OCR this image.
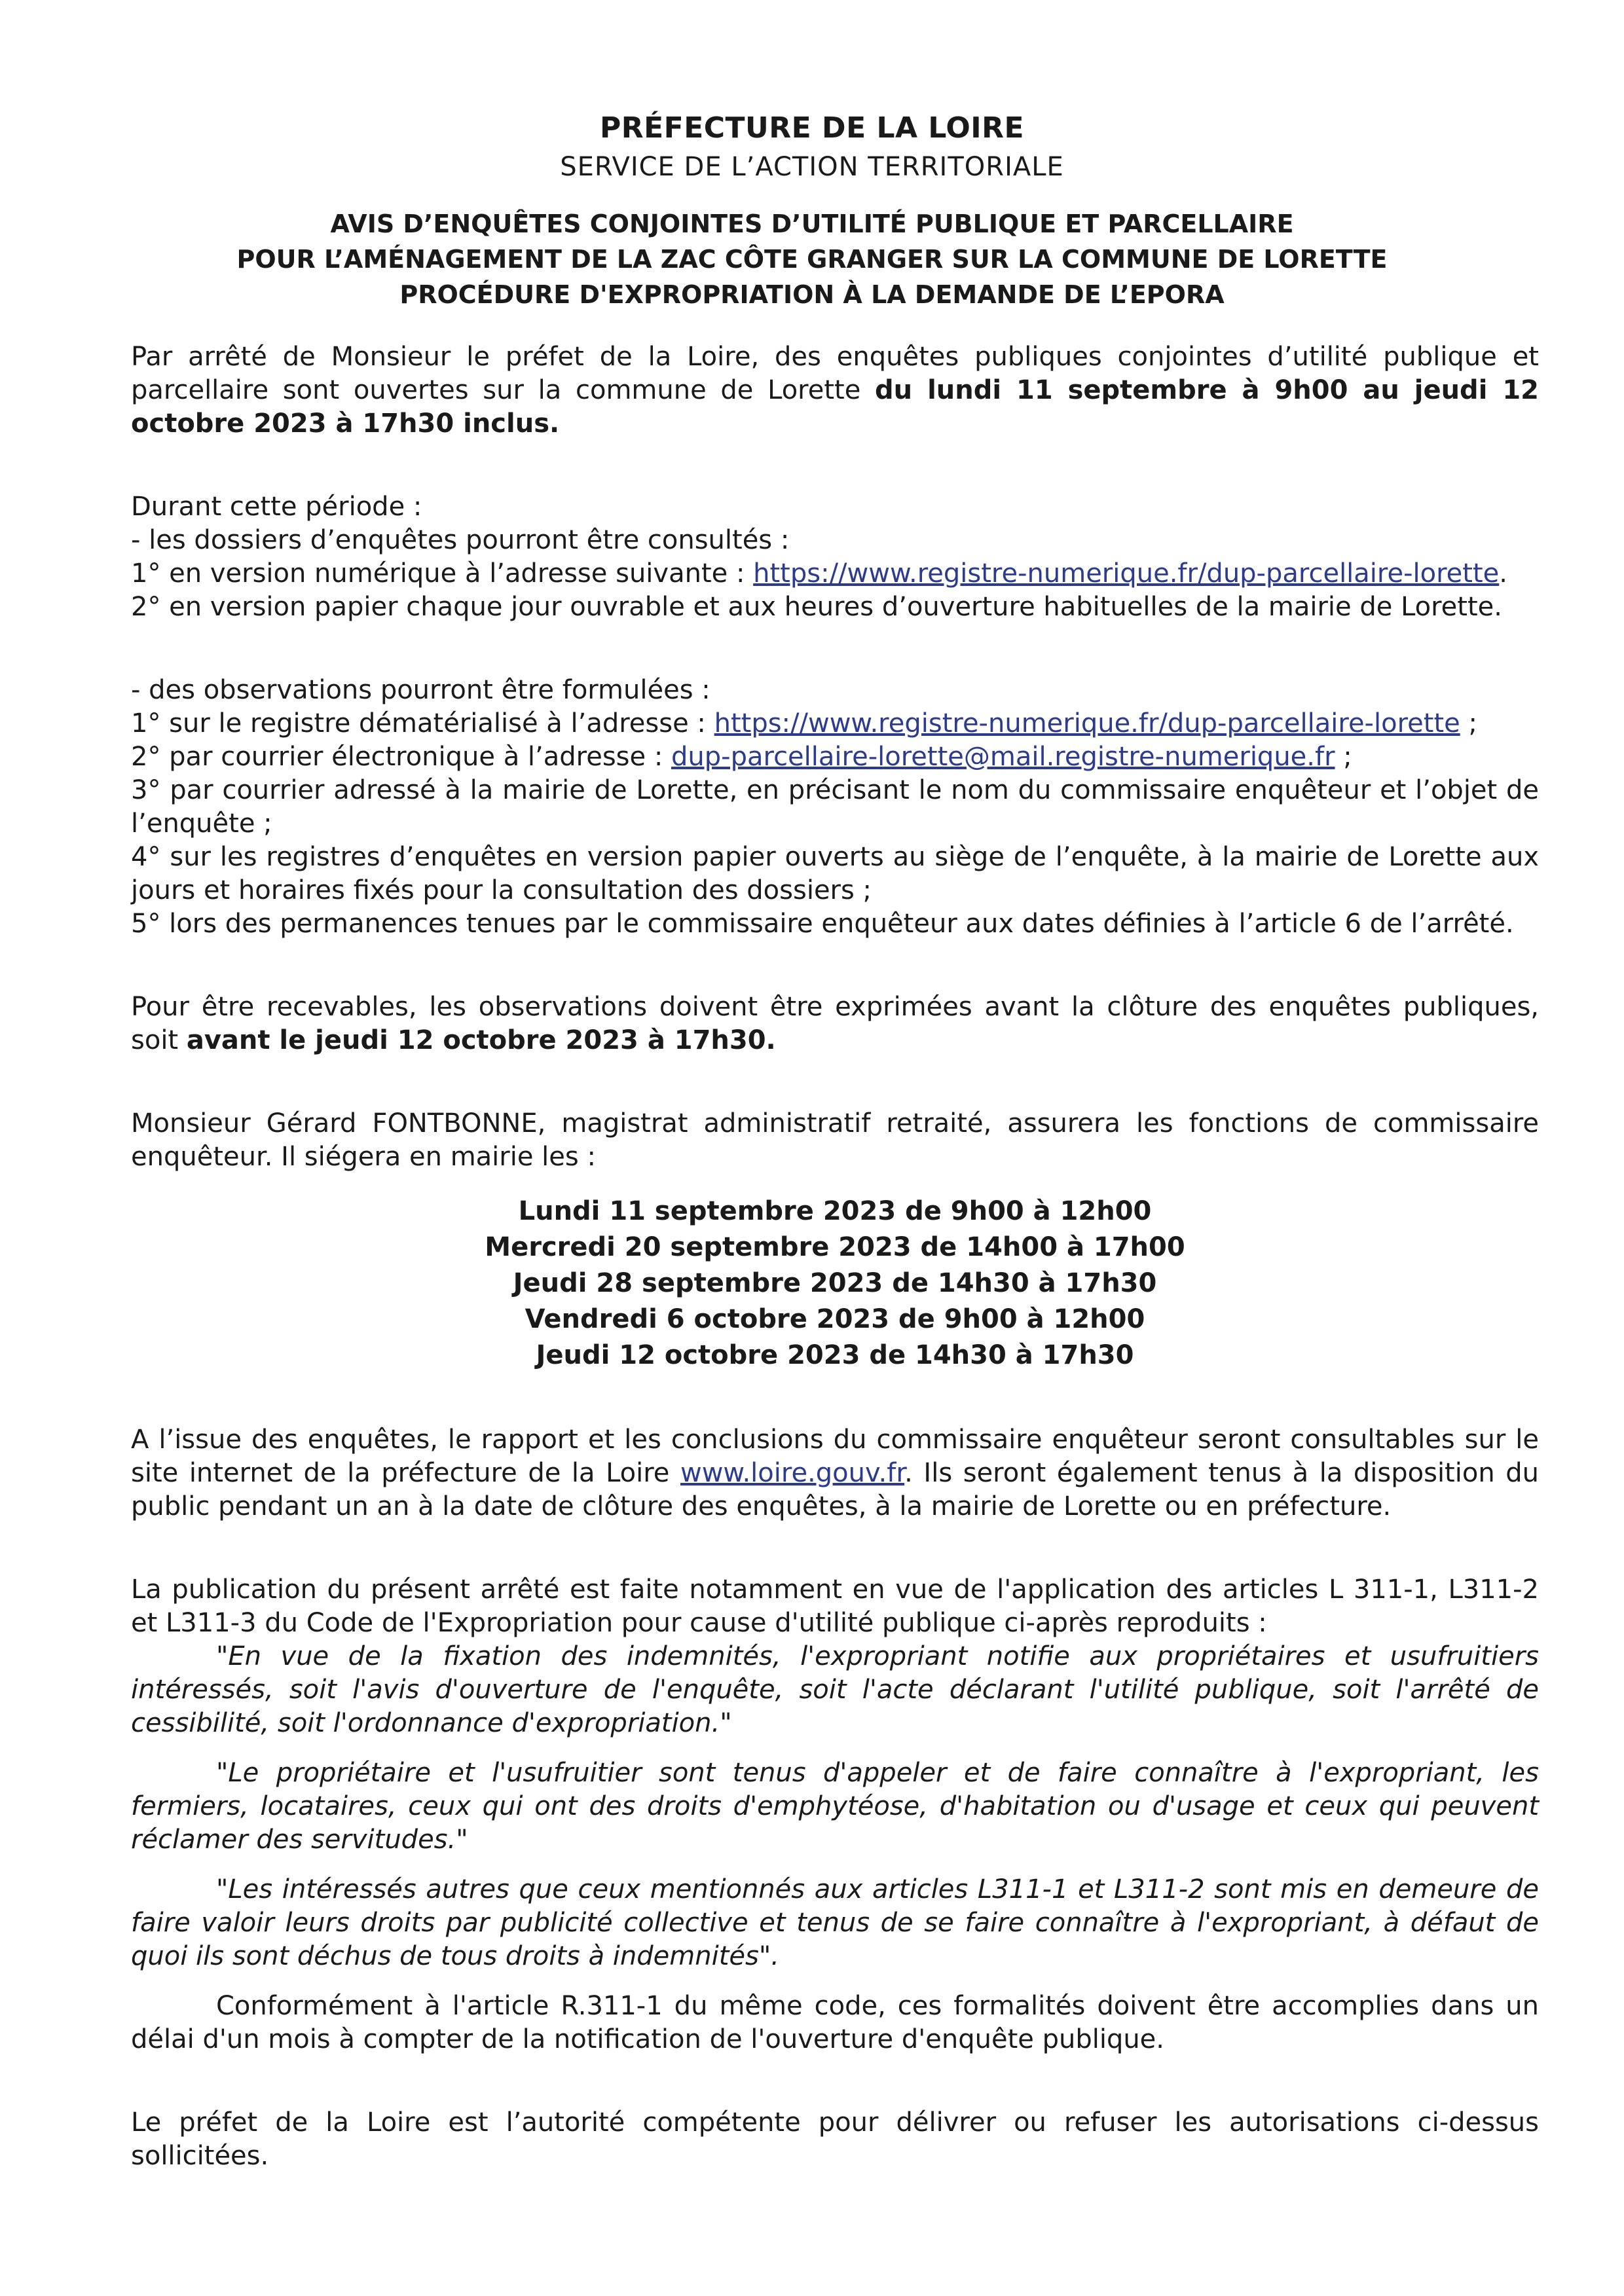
PRÉFECTURE DE LA LOIRE
SERVICE DE L’ACTION TERRITORIALE
AVIS D’ENQUÊTES CONJOINTES D’UTILITÉ PUBLIQUE ET PARCELLAIRE
POUR L’AMÉNAGEMENT DE LA ZAC CÔTE GRANGER SUR LA COMMUNE DE LORETTE
PROCÉDURE D'EXPROPRIATION À LA DEMANDE DE L’EPORA

Par arrêté de Monsieur le préfet de la Loire, des enquêtes publiques conjointes d’utilité publique et parcellaire sont ouvertes sur la commune de Lorette du lundi 11 septembre à 9h00 au jeudi 12 octobre 2023 à 17h30 inclus.

Durant cette période :

- les dossiers d’enquêtes pourront être consultés :

1° en version numérique à l’adresse suivante : https://www.registre-numerique.fr/dup-parcellaire-lorette.

2° en version papier chaque jour ouvrable et aux heures d’ouverture habituelles de la mairie de Lorette.

- des observations pourront être formulées :

1° sur le registre dématérialisé à l’adresse : https://www.registre-numerique.fr/dup-parcellaire-lorette ;

2° par courrier électronique à l’adresse : dup-parcellaire-lorette@mail.registre-numerique.fr ;

3° par courrier adressé à la mairie de Lorette, en précisant le nom du commissaire enquêteur et l’objet de l’enquête ;

4° sur les registres d’enquêtes en version papier ouverts au siège de l’enquête, à la mairie de Lorette aux jours et horaires fixés pour la consultation des dossiers ;

5° lors des permanences tenues par le commissaire enquêteur aux dates définies à l’article 6 de l’arrêté.

Pour être recevables, les observations doivent être exprimées avant la clôture des enquêtes publiques, soit avant le jeudi 12 octobre 2023 à 17h30.

Monsieur Gérard FONTBONNE, magistrat administratif retraité, assurera les fonctions de commissaire enquêteur. Il siégera en mairie les :

Lundi 11 septembre 2023 de 9h00 à 12h00
Mercredi 20 septembre 2023 de 14h00 à 17h00
Jeudi 28 septembre 2023 de 14h30 à 17h30
Vendredi 6 octobre 2023 de 9h00 à 12h00
Jeudi 12 octobre 2023 de 14h30 à 17h30

A l’issue des enquêtes, le rapport et les conclusions du commissaire enquêteur seront consultables sur le site internet de la préfecture de la Loire www.loire.gouv.fr. Ils seront également tenus à la disposition du public pendant un an à la date de clôture des enquêtes, à la mairie de Lorette ou en préfecture.

La publication du présent arrêté est faite notamment en vue de l'application des articles L 311-1, L311-2 et L311-3 du Code de l'Expropriation pour cause d'utilité publique ci-après reproduits :

"En vue de la fixation des indemnités, l'expropriant notifie aux propriétaires et usufruitiers intéressés, soit l'avis d'ouverture de l'enquête, soit l'acte déclarant l'utilité publique, soit l'arrêté de cessibilité, soit l'ordonnance d'expropriation."

"Le propriétaire et l'usufruitier sont tenus d'appeler et de faire connaître à l'expropriant, les fermiers, locataires, ceux qui ont des droits d'emphytéose, d'habitation ou d'usage et ceux qui peuvent réclamer des servitudes."

"Les intéressés autres que ceux mentionnés aux articles L311-1 et L311-2 sont mis en demeure de faire valoir leurs droits par publicité collective et tenus de se faire connaître à l'expropriant, à défaut de quoi ils sont déchus de tous droits à indemnités".

Conformément à l'article R.311-1 du même code, ces formalités doivent être accomplies dans un délai d'un mois à compter de la notification de l'ouverture d'enquête publique.

Le préfet de la Loire est l’autorité compétente pour délivrer ou refuser les autorisations ci-dessus sollicitées.
